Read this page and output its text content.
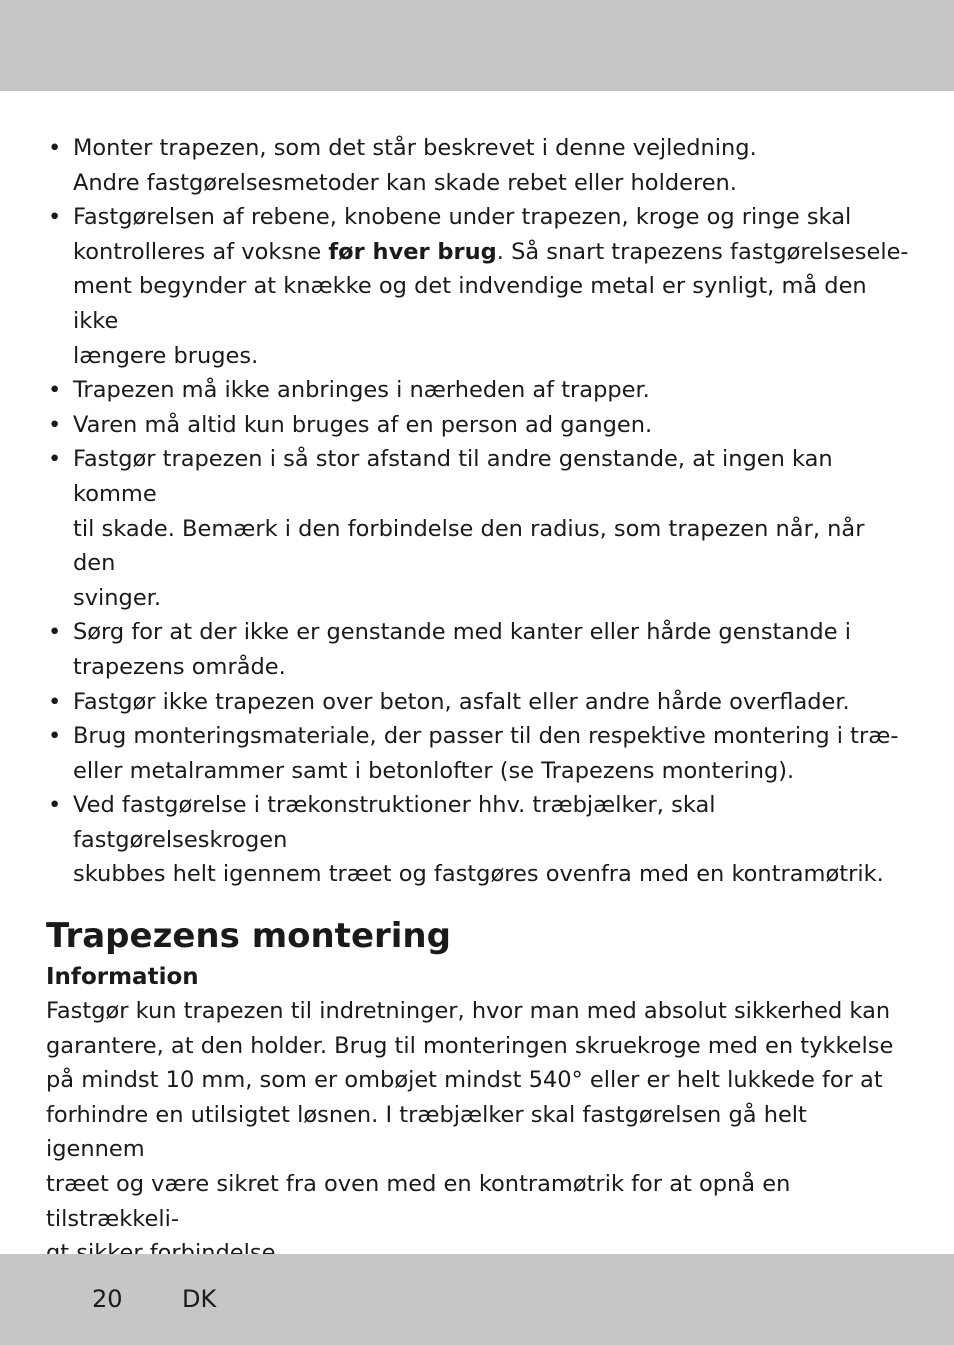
• Monter trapezen, som det står beskrevet i denne vejledning.
Andre fastgørelsesmetoder kan skade rebet eller holderen.
• Fastgørelsen af rebene, knobene under trapezen, kroge og ringe skal
kontrolleres af voksne før hver brug. Så snart trapezens fastgørelsesele-
ment begynder at knække og det indvendige metal er synligt, må den ikke
længere bruges.
• Trapezen må ikke anbringes i nærheden af trapper.
• Varen må altid kun bruges af en person ad gangen.
• Fastgør trapezen i så stor afstand til andre genstande, at ingen kan komme
til skade. Bemærk i den forbindelse den radius, som trapezen når, når den
svinger.
• Sørg for at der ikke er genstande med kanter eller hårde genstande i
trapezens område.
• Fastgør ikke trapezen over beton, asfalt eller andre hårde overflader.
• Brug monteringsmateriale, der passer til den respektive montering i træ-
eller metalrammer samt i betonlofter (se Trapezens montering).
• Ved fastgørelse i trækonstruktioner hhv. træbjælker, skal fastgørelseskrogen
skubbes helt igennem træet og fastgøres ovenfra med en kontramøtrik.
Trapezens montering
Information
Fastgør kun trapezen til indretninger, hvor man med absolut sikkerhed kan
garantere, at den holder. Brug til monteringen skruekroge med en tykkelse
på mindst 10 mm, som er ombøjet mindst 540° eller er helt lukkede for at
forhindre en utilsigtet løsnen. I træbjælker skal fastgørelsen gå helt igennem
træet og være sikret fra oven med en kontramøtrik for at opnå en tilstrækkeli-
20 DK
